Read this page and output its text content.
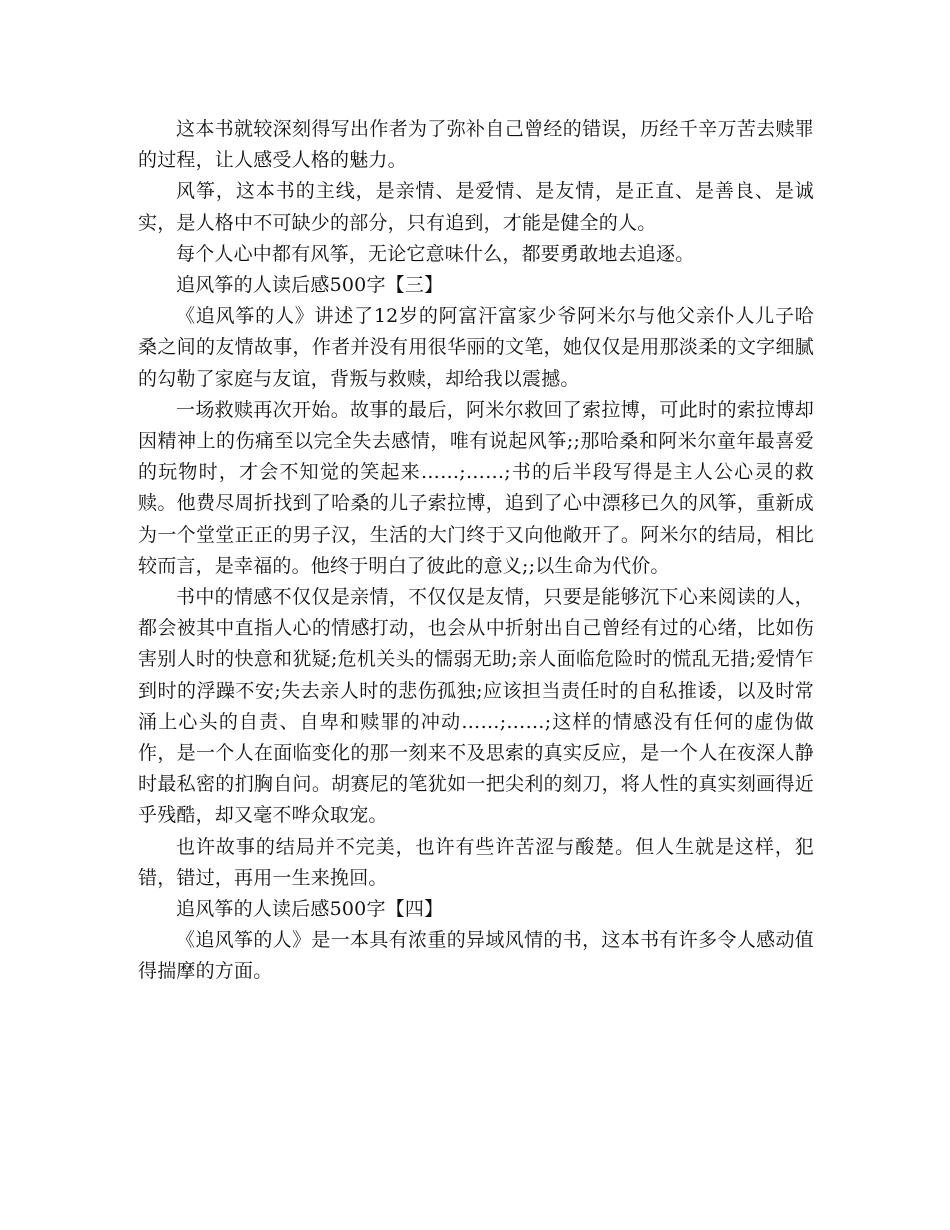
这本书就较深刻得写出作者为了弥补自己曾经的错误，历经千辛万苦去赎罪的过程，让人感受人格的魅力。

风筝，这本书的主线，是亲情、是爱情、是友情，是正直、是善良、是诚实，是人格中不可缺少的部分，只有追到，才能是健全的人。

每个人心中都有风筝，无论它意味什么，都要勇敢地去追逐。

追风筝的人读后感500字【三】

《追风筝的人》讲述了12岁的阿富汗富家少爷阿米尔与他父亲仆人儿子哈桑之间的友情故事，作者并没有用很华丽的文笔，她仅仅是用那淡柔的文字细腻的勾勒了家庭与友谊，背叛与救赎，却给我以震撼。

一场救赎再次开始。故事的最后，阿米尔救回了索拉博，可此时的索拉博却因精神上的伤痛至以完全失去感情，唯有说起风筝;;那哈桑和阿米尔童年最喜爱的玩物时，才会不知觉的笑起来……;……;书的后半段写得是主人公心灵的救赎。他费尽周折找到了哈桑的儿子索拉博，追到了心中漂移已久的风筝，重新成为一个堂堂正正的男子汉，生活的大门终于又向他敞开了。阿米尔的结局，相比较而言，是幸福的。他终于明白了彼此的意义;;以生命为代价。

书中的情感不仅仅是亲情，不仅仅是友情，只要是能够沉下心来阅读的人，都会被其中直指人心的情感打动，也会从中折射出自己曾经有过的心绪，比如伤害别人时的快意和犹疑;危机关头的懦弱无助;亲人面临危险时的慌乱无措;爱情乍到时的浮躁不安;失去亲人时的悲伤孤独;应该担当责任时的自私推诿，以及时常涌上心头的自责、自卑和赎罪的冲动……;……;这样的情感没有任何的虚伪做作，是一个人在面临变化的那一刻来不及思索的真实反应，是一个人在夜深人静时最私密的扪胸自问。胡赛尼的笔犹如一把尖利的刻刀，将人性的真实刻画得近乎残酷，却又毫不哗众取宠。

也许故事的结局并不完美，也许有些许苦涩与酸楚。但人生就是这样，犯错，错过，再用一生来挽回。

追风筝的人读后感500字【四】

《追风筝的人》是一本具有浓重的异域风情的书，这本书有许多令人感动值得揣摩的方面。
